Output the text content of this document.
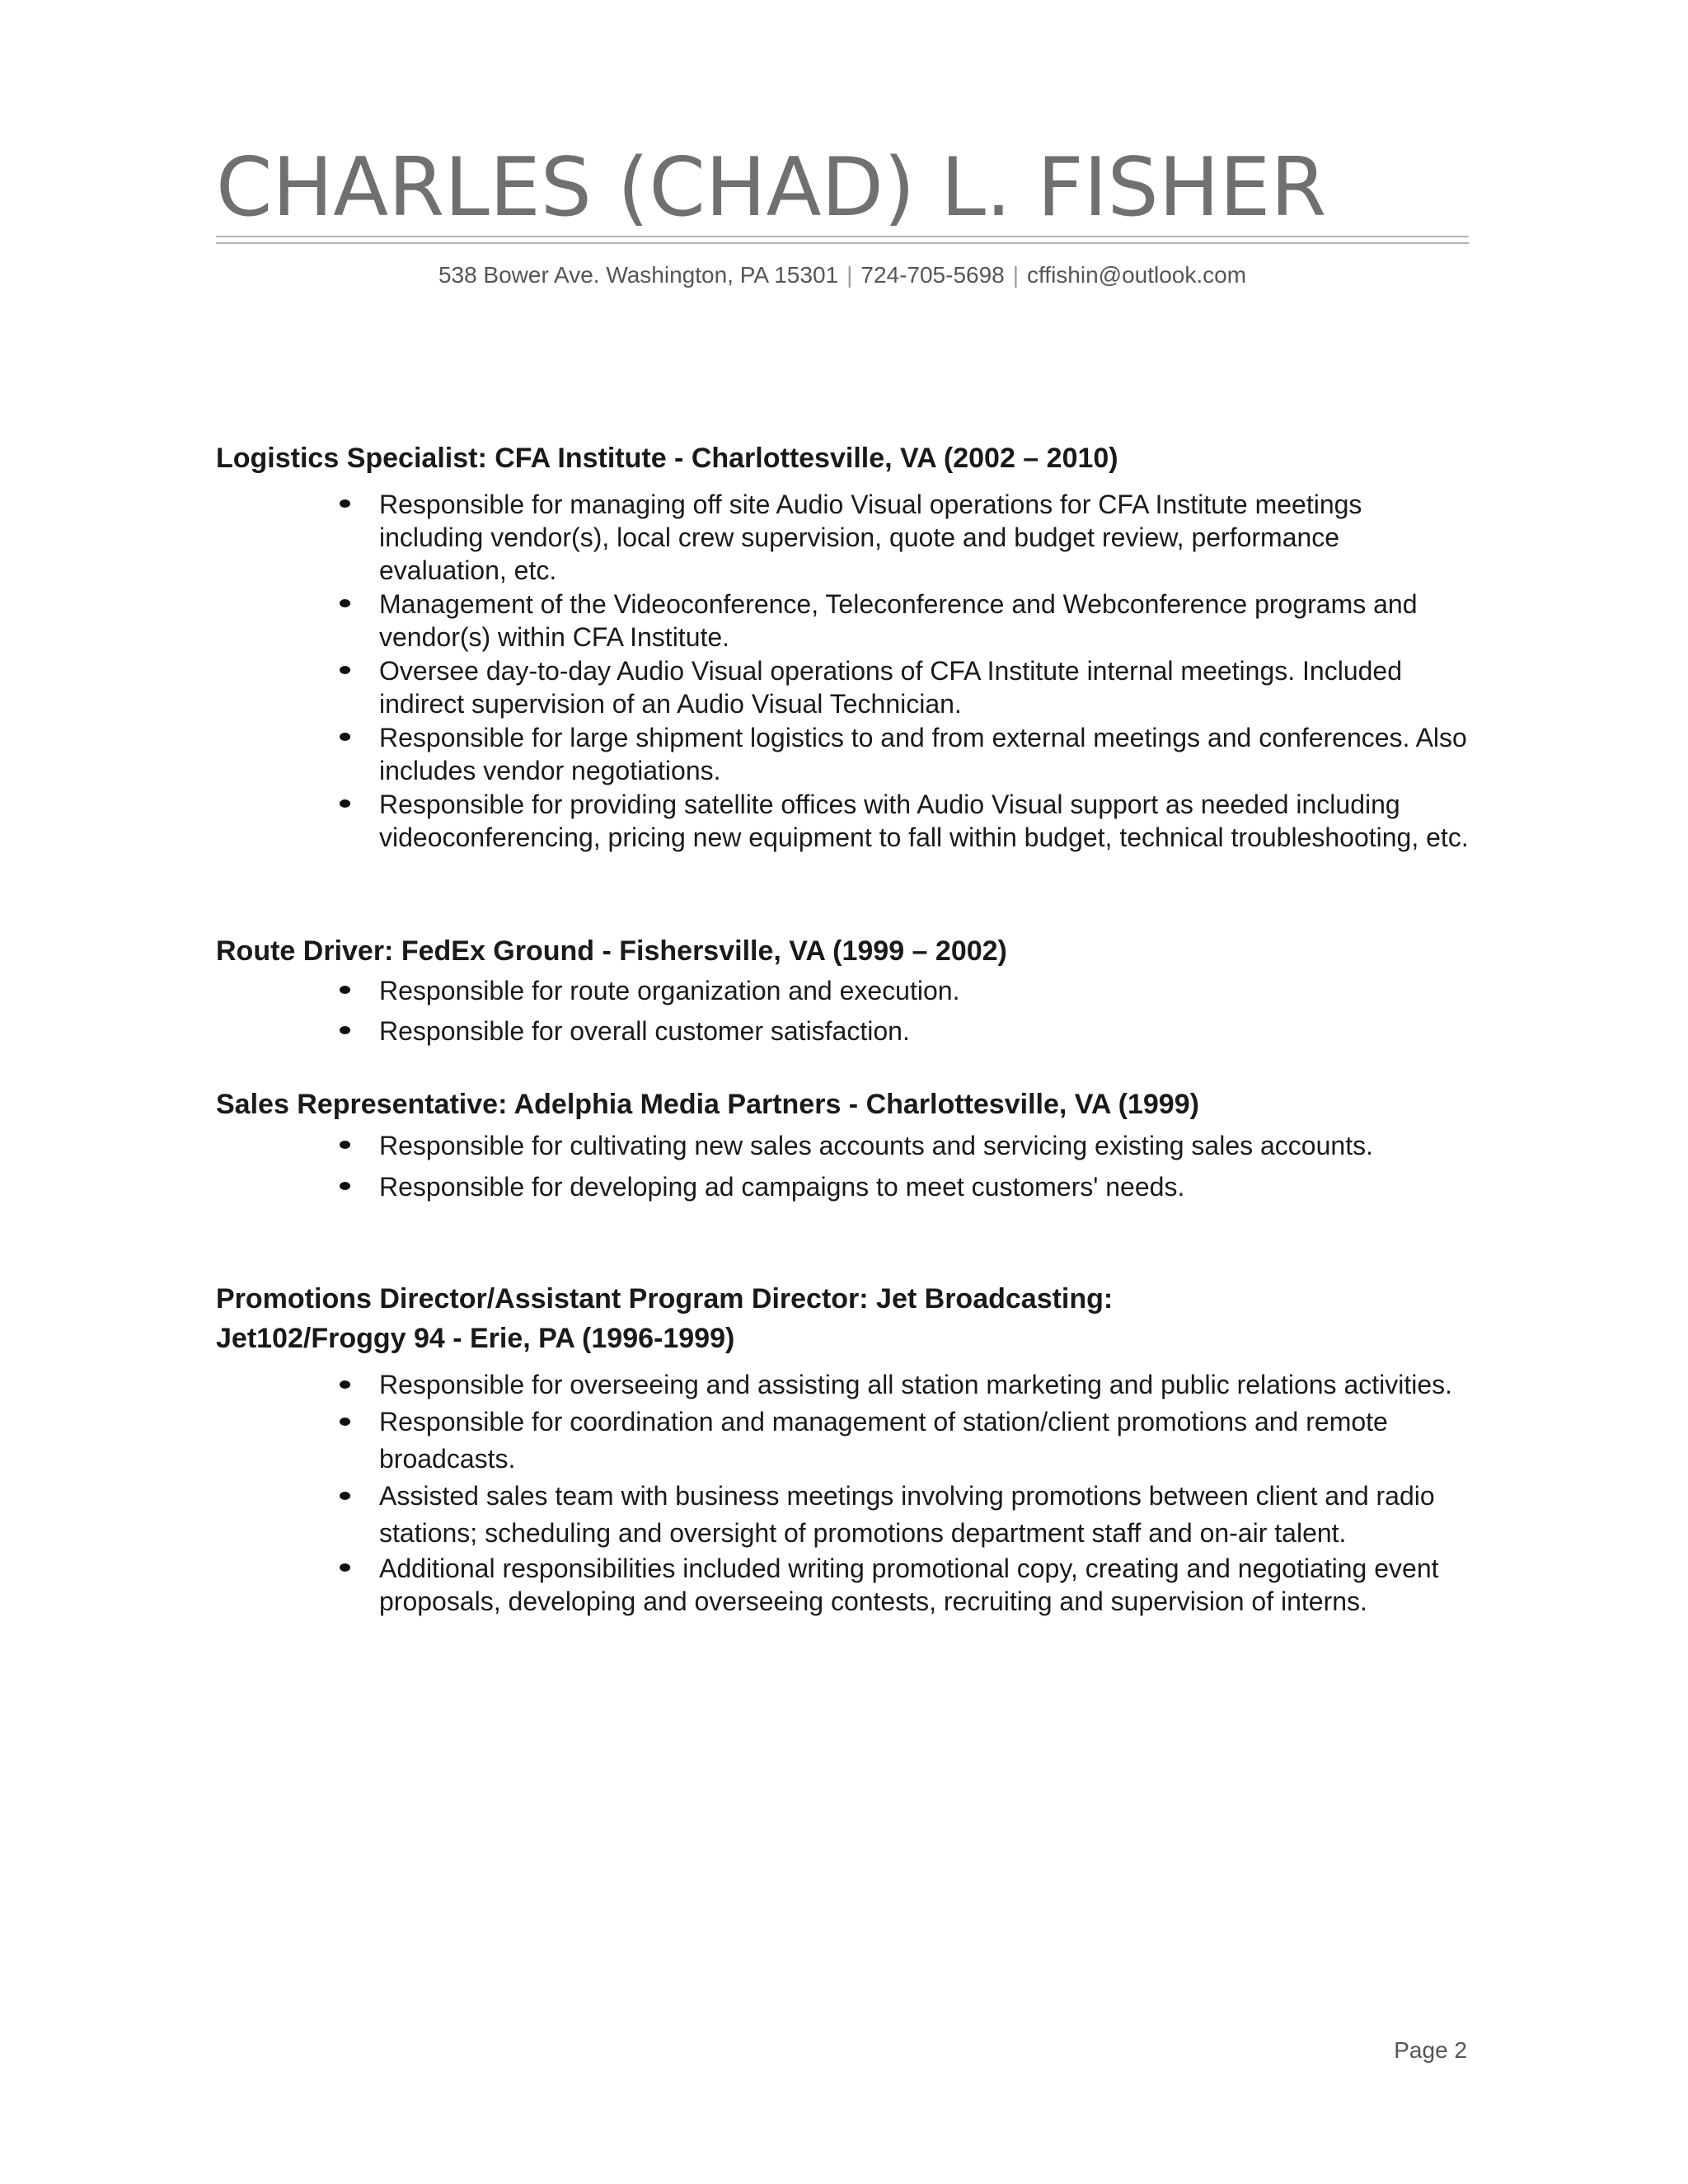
CHARLES (CHAD) L. FISHER
538 Bower Ave. Washington, PA 15301 | 724-705-5698 | cffishin@outlook.com
Logistics Specialist: CFA Institute - Charlottesville, VA (2002 – 2010)
Responsible for managing off site Audio Visual operations for CFA Institute meetings including vendor(s), local crew supervision, quote and budget review, performance evaluation, etc.
Management of the Videoconference, Teleconference and Webconference programs and vendor(s) within CFA Institute.
Oversee day-to-day Audio Visual operations of CFA Institute internal meetings. Included indirect supervision of an Audio Visual Technician.
Responsible for large shipment logistics to and from external meetings and conferences. Also includes vendor negotiations.
Responsible for providing satellite offices with Audio Visual support as needed including videoconferencing, pricing new equipment to fall within budget, technical troubleshooting, etc.
Route Driver: FedEx Ground - Fishersville, VA (1999 – 2002)
Responsible for route organization and execution.
Responsible for overall customer satisfaction.
Sales Representative: Adelphia Media Partners - Charlottesville, VA (1999)
Responsible for cultivating new sales accounts and servicing existing sales accounts.
Responsible for developing ad campaigns to meet customers' needs.
Promotions Director/Assistant Program Director: Jet Broadcasting:
Jet102/Froggy 94 - Erie, PA (1996-1999)
Responsible for overseeing and assisting all station marketing and public relations activities.
Responsible for coordination and management of station/client promotions and remote broadcasts.
Assisted sales team with business meetings involving promotions between client and radio stations; scheduling and oversight of promotions department staff and on-air talent.
Additional responsibilities included writing promotional copy, creating and negotiating event proposals, developing and overseeing contests, recruiting and supervision of interns.
Page 2
